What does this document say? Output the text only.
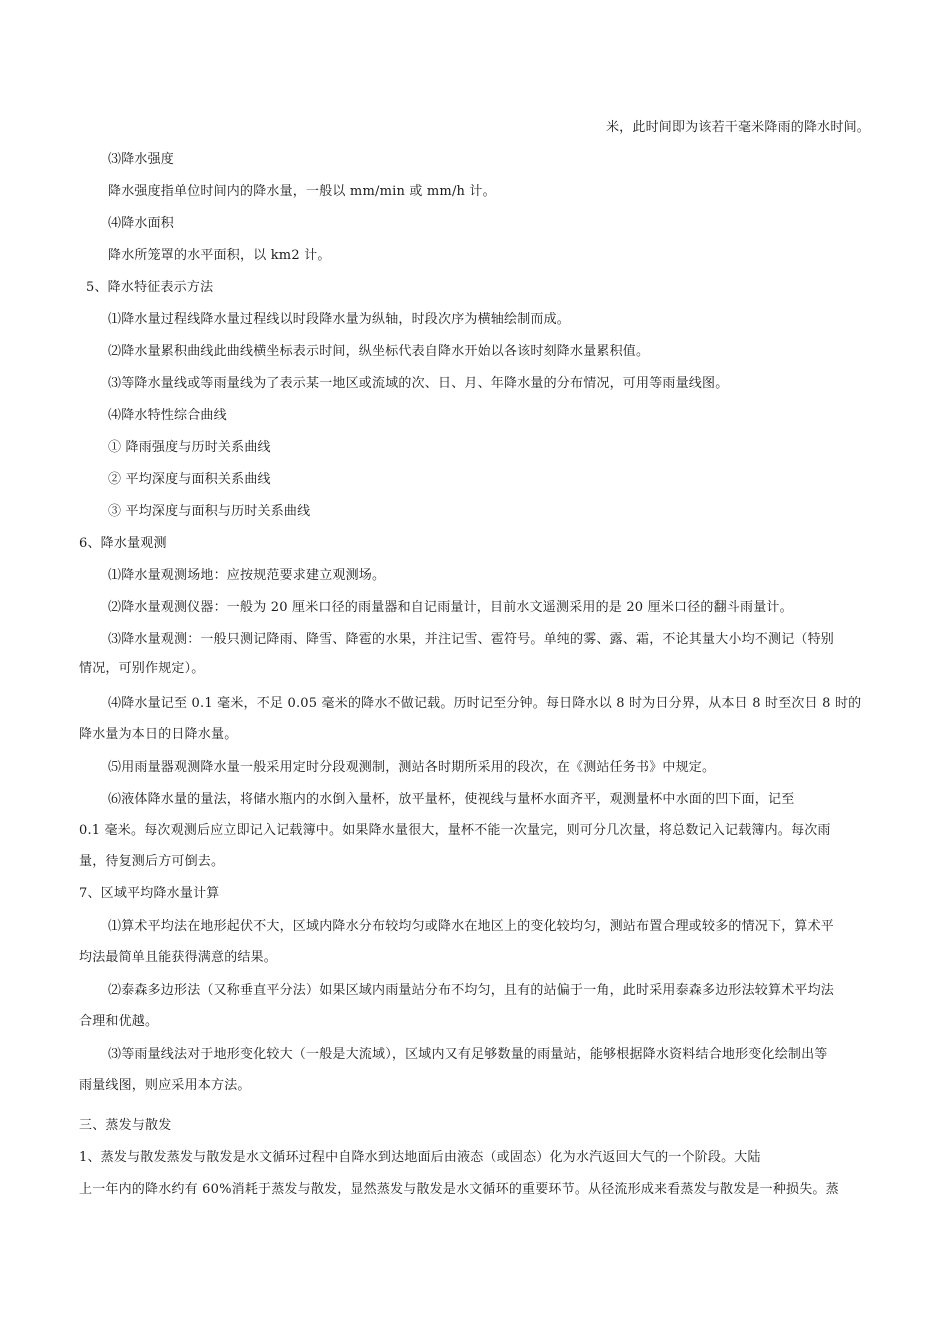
米，此时间即为该若干毫米降雨的降水时间。
⑶降水强度
降水强度指单位时间内的降水量，一般以 mm/min 或 mm/h 计。
⑷降水面积
降水所笼罩的水平面积，以 km2 计。
5、降水特征表示方法
⑴降水量过程线降水量过程线以时段降水量为纵轴，时段次序为横轴绘制而成。
⑵降水量累积曲线此曲线横坐标表示时间，纵坐标代表自降水开始以各该时刻降水量累积值。
⑶等降水量线或等雨量线为了表示某一地区或流域的次、日、月、年降水量的分布情况，可用等雨量线图。
⑷降水特性综合曲线
① 降雨强度与历时关系曲线
② 平均深度与面积关系曲线
③ 平均深度与面积与历时关系曲线
6、降水量观测
⑴降水量观测场地：应按规范要求建立观测场。
⑵降水量观测仪器：一般为 20 厘米口径的雨量器和自记雨量计，目前水文遥测采用的是 20 厘米口径的翻斗雨量计。
⑶降水量观测：一般只测记降雨、降雪、降雹的水果，并注记雪、雹符号。单纯的雾、露、霜，不论其量大小均不测记（特别
情况，可别作规定）。
⑷降水量记至 0.1 毫米，不足 0.05 毫米的降水不做记载。历时记至分钟。每日降水以 8 时为日分界，从本日 8 时至次日 8 时的
降水量为本日的日降水量。
⑸用雨量器观测降水量一般采用定时分段观测制，测站各时期所采用的段次，在《测站任务书》中规定。
⑹液体降水量的量法，将储水瓶内的水倒入量杯，放平量杯，使视线与量杯水面齐平，观测量杯中水面的凹下面，记至
0.1 毫米。每次观测后应立即记入记载簿中。如果降水量很大，量杯不能一次量完，则可分几次量，将总数记入记载簿内。每次雨
量，待复测后方可倒去。
7、区域平均降水量计算
⑴算术平均法在地形起伏不大，区域内降水分布较均匀或降水在地区上的变化较均匀，测站布置合理或较多的情况下，算术平
均法最简单且能获得满意的结果。
⑵泰森多边形法（又称垂直平分法）如果区域内雨量站分布不均匀，且有的站偏于一角，此时采用泰森多边形法较算术平均法
合理和优越。
⑶等雨量线法对于地形变化较大（一般是大流域），区域内又有足够数量的雨量站，能够根据降水资料结合地形变化绘制出等
雨量线图，则应采用本方法。
三、蒸发与散发
1、蒸发与散发蒸发与散发是水文循环过程中自降水到达地面后由液态（或固态）化为水汽返回大气的一个阶段。大陆
上一年内的降水约有 60%消耗于蒸发与散发，显然蒸发与散发是水文循环的重要环节。从径流形成来看蒸发与散发是一种损失。蒸
